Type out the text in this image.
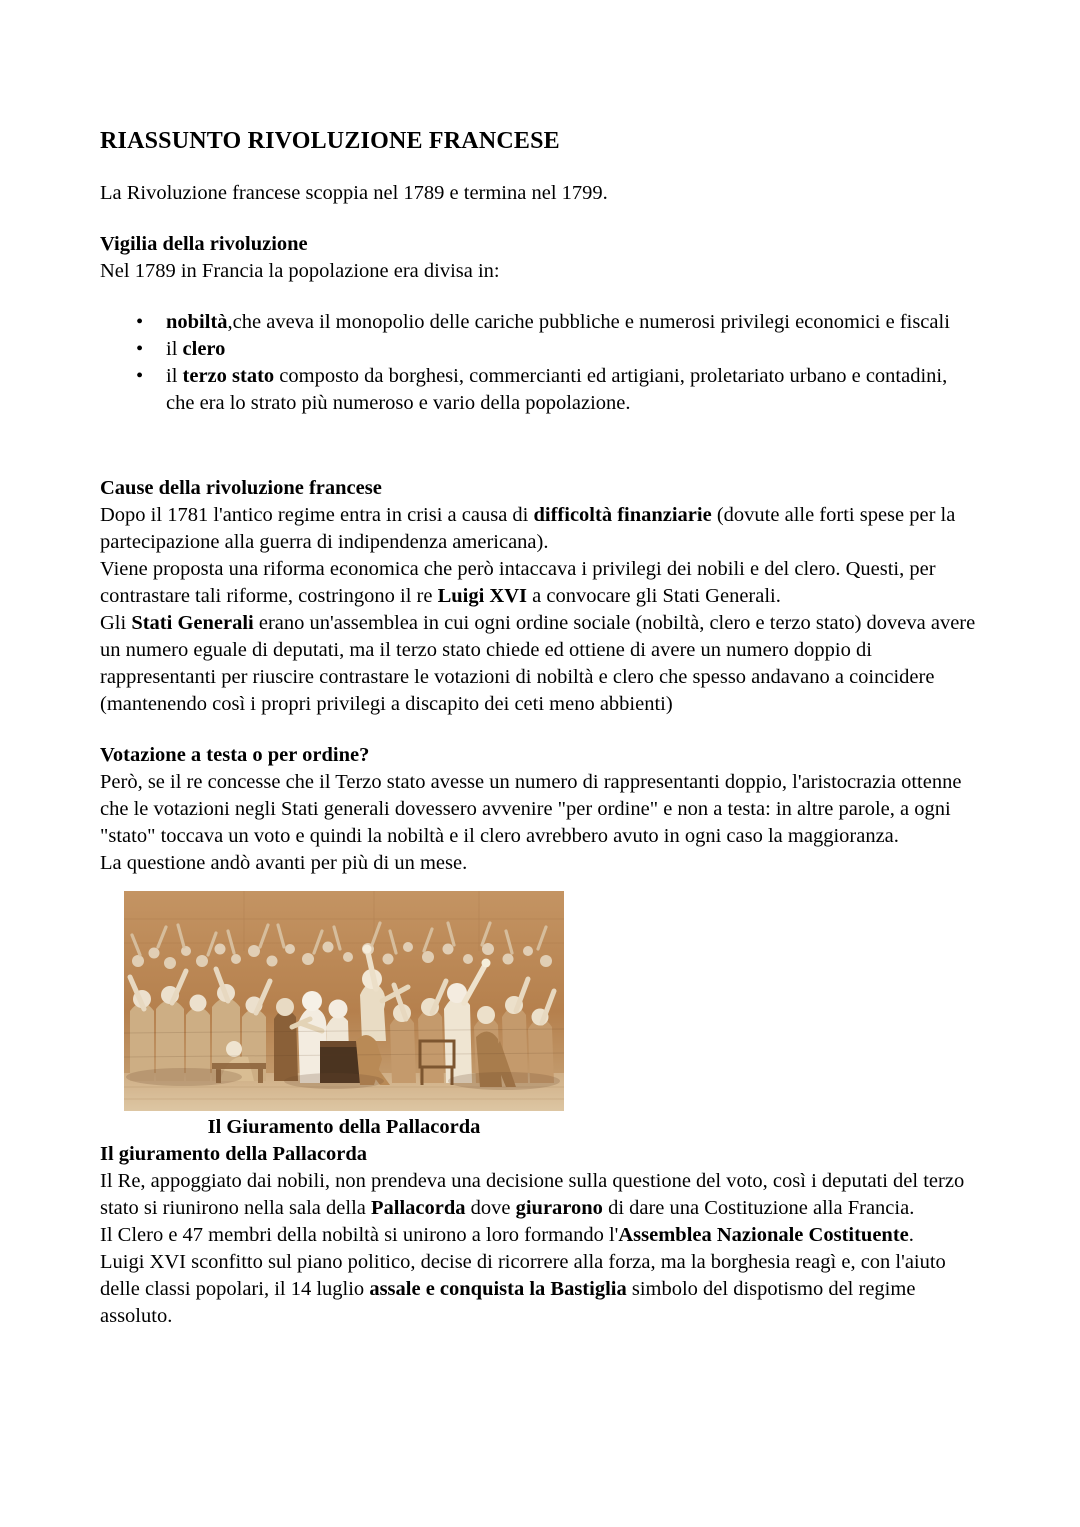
RIASSUNTO RIVOLUZIONE FRANCESE

La Rivoluzione francese scoppia nel 1789 e termina nel 1799.

Vigilia della rivoluzione

Nel 1789 in Francia la popolazione era divisa in:

• nobiltà,che aveva il monopolio delle cariche pubbliche e numerosi privilegi economici e fiscali
• il clero
• il terzo stato composto da borghesi, commercianti ed artigiani, proletariato urbano e contadini, che era lo strato più numeroso e vario della popolazione.

Cause della rivoluzione francese

Dopo il 1781 l'antico regime entra in crisi a causa di difficoltà finanziarie (dovute alle forti spese per la partecipazione alla guerra di indipendenza americana).

Viene proposta una riforma economica che però intaccava i privilegi dei nobili e del clero. Questi, per contrastare tali riforme, costringono il re Luigi XVI a convocare gli Stati Generali.

Gli Stati Generali erano un'assemblea in cui ogni ordine sociale (nobiltà, clero e terzo stato) doveva avere un numero eguale di deputati, ma il terzo stato chiede ed ottiene di avere un numero doppio di rappresentanti per riuscire contrastare le votazioni di nobiltà e clero che spesso andavano a coincidere (mantenendo così i propri privilegi a discapito dei ceti meno abbienti)

Votazione a testa o per ordine?

Però, se il re concesse che il Terzo stato avesse un numero di rappresentanti doppio, l'aristocrazia ottenne che le votazioni negli Stati generali dovessero avvenire "per ordine" e non a testa: in altre parole, a ogni "stato" toccava un voto e quindi la nobiltà e il clero avrebbero avuto in ogni caso la maggioranza.

La questione andò avanti per più di un mese.

Il Giuramento della Pallacorda

Il giuramento della Pallacorda

Il Re, appoggiato dai nobili, non prendeva una decisione sulla questione del voto, così i deputati del terzo stato si riunirono nella sala della Pallacorda dove giurarono di dare una Costituzione alla Francia.

Il Clero e 47 membri della nobiltà si unirono a loro formando l'Assemblea Nazionale Costituente.

Luigi XVI sconfitto sul piano politico, decise di ricorrere alla forza, ma la borghesia reagì e, con l'aiuto delle classi popolari, il 14 luglio assale e conquista la Bastiglia simbolo del dispotismo del regime assoluto.
